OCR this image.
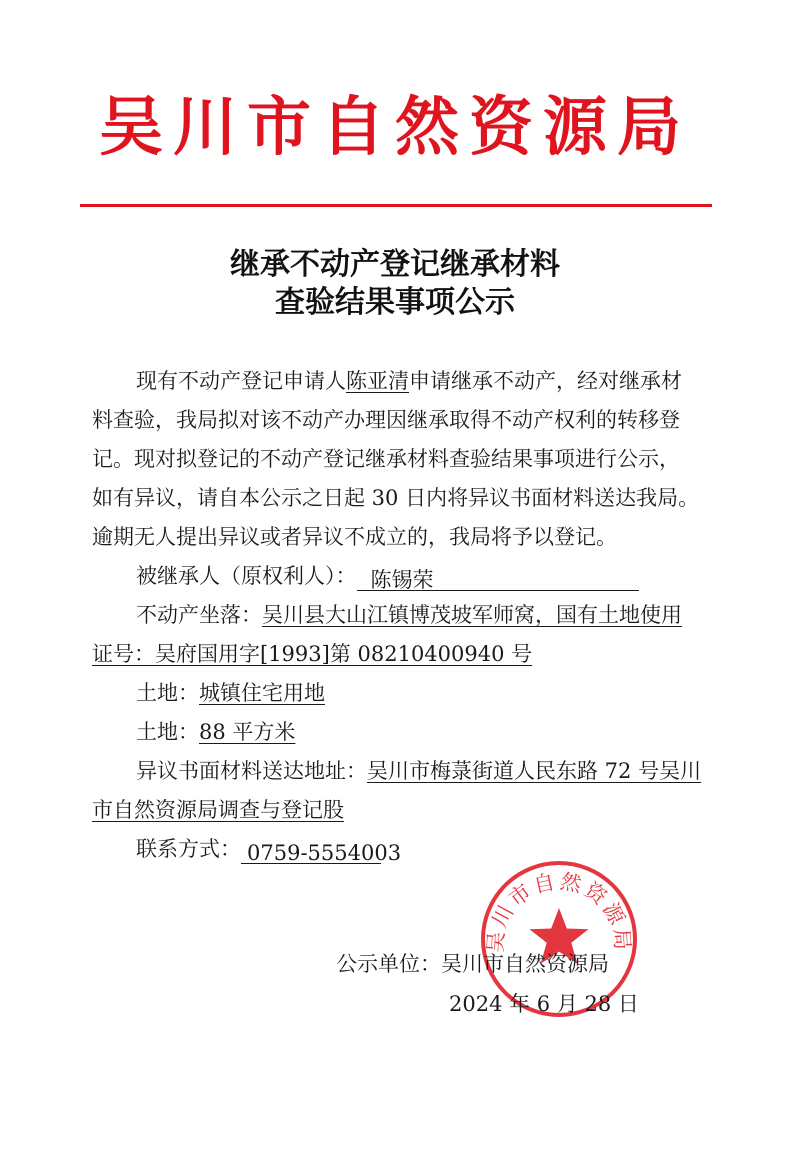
吴川市自然资源局
继承不动产登记继承材料
查验结果事项公示
现有不动产登记申请人陈亚清申请继承不动产，经对继承材
料查验，我局拟对该不动产办理因继承取得不动产权利的转移登
记。现对拟登记的不动产登记继承材料查验结果事项进行公示，
如有异议，请自本公示之日起 30 日内将异议书面材料送达我局。
逾期无人提出异议或者异议不成立的，我局将予以登记。
被继承人（原权利人）： 陈锡荣
不动产坐落：吴川县大山江镇博茂坡军师窝，国有土地使用
证号：吴府国用字[1993]第 08210400940 号
土地：城镇住宅用地
土地：88 平方米
异议书面材料送达地址：吴川市梅菉街道人民东路 72 号吴川
市自然资源局调查与登记股
联系方式： 0759-5554003
吴川市自然资源局
公示单位：吴川市自然资源局
2024 年 6 月 28 日
